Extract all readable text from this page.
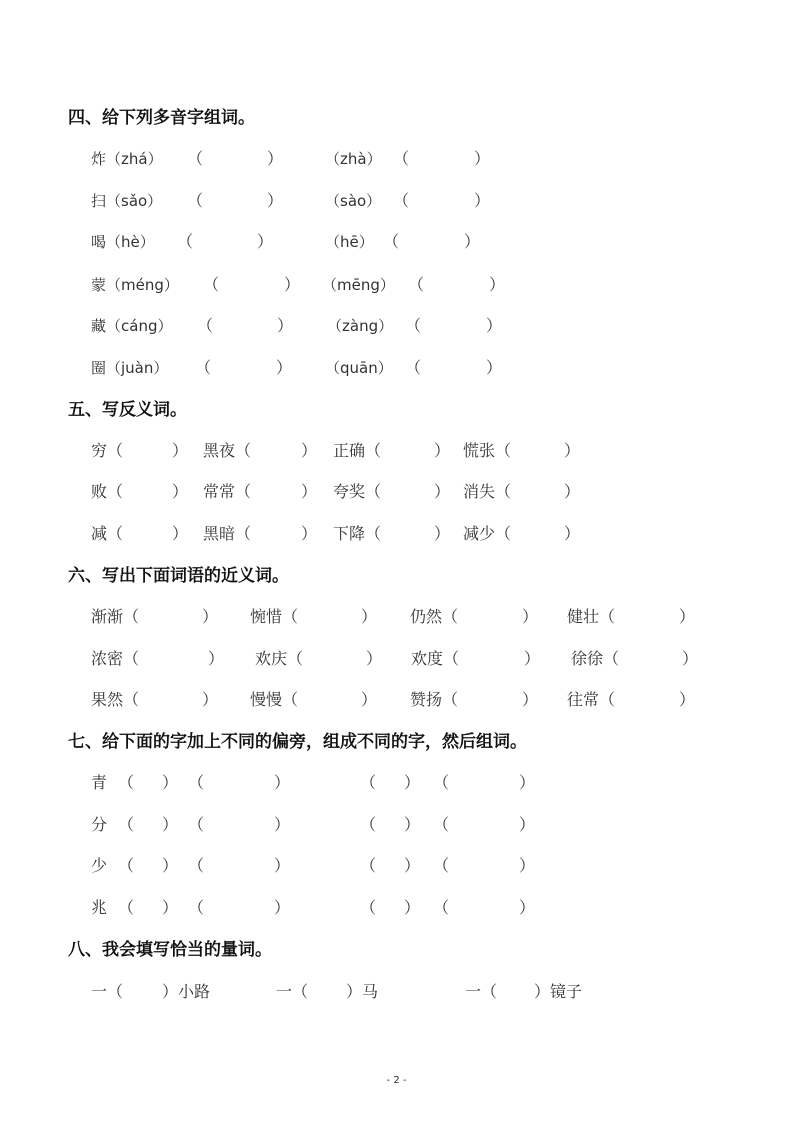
四、给下列多音字组词。
炸（zhá） （	）	（zhà） （	）
扫（sǎo） （	）	（sào） （	）
喝（hè） （	）	（hē） （	）
蒙（méng） （	） （mēng） （	）
藏（cáng） （	） （zàng） （	）
圈（juàn） （	） （quān） （	）
五、写反义词。
穷（	） 黑夜（	） 正确（	） 慌张（	）
败（	） 常常（	） 夸奖（	） 消失（	）
减（	） 黑暗（	） 下降（	） 减少（	）
六、写出下面词语的近义词。
渐渐（	） 惋惜（	） 仍然（	） 健壮（	）
浓密（	） 欢庆（	） 欢度（	） 徐徐（	）
果然（	） 慢慢（	） 赞扬（	） 往常（	）
七、给下面的字加上不同的偏旁，组成不同的字，然后组词。
青 （ ） （	）	（ ） （	）
分 （ ） （	）	（ ） （	）
少 （ ） （	）	（ ） （	）
兆 （ ） （	）	（ ） （	）
八、我会填写恰当的量词。
一（ ）小路	一（ ）马	一（ ）镜子
- 2 -
